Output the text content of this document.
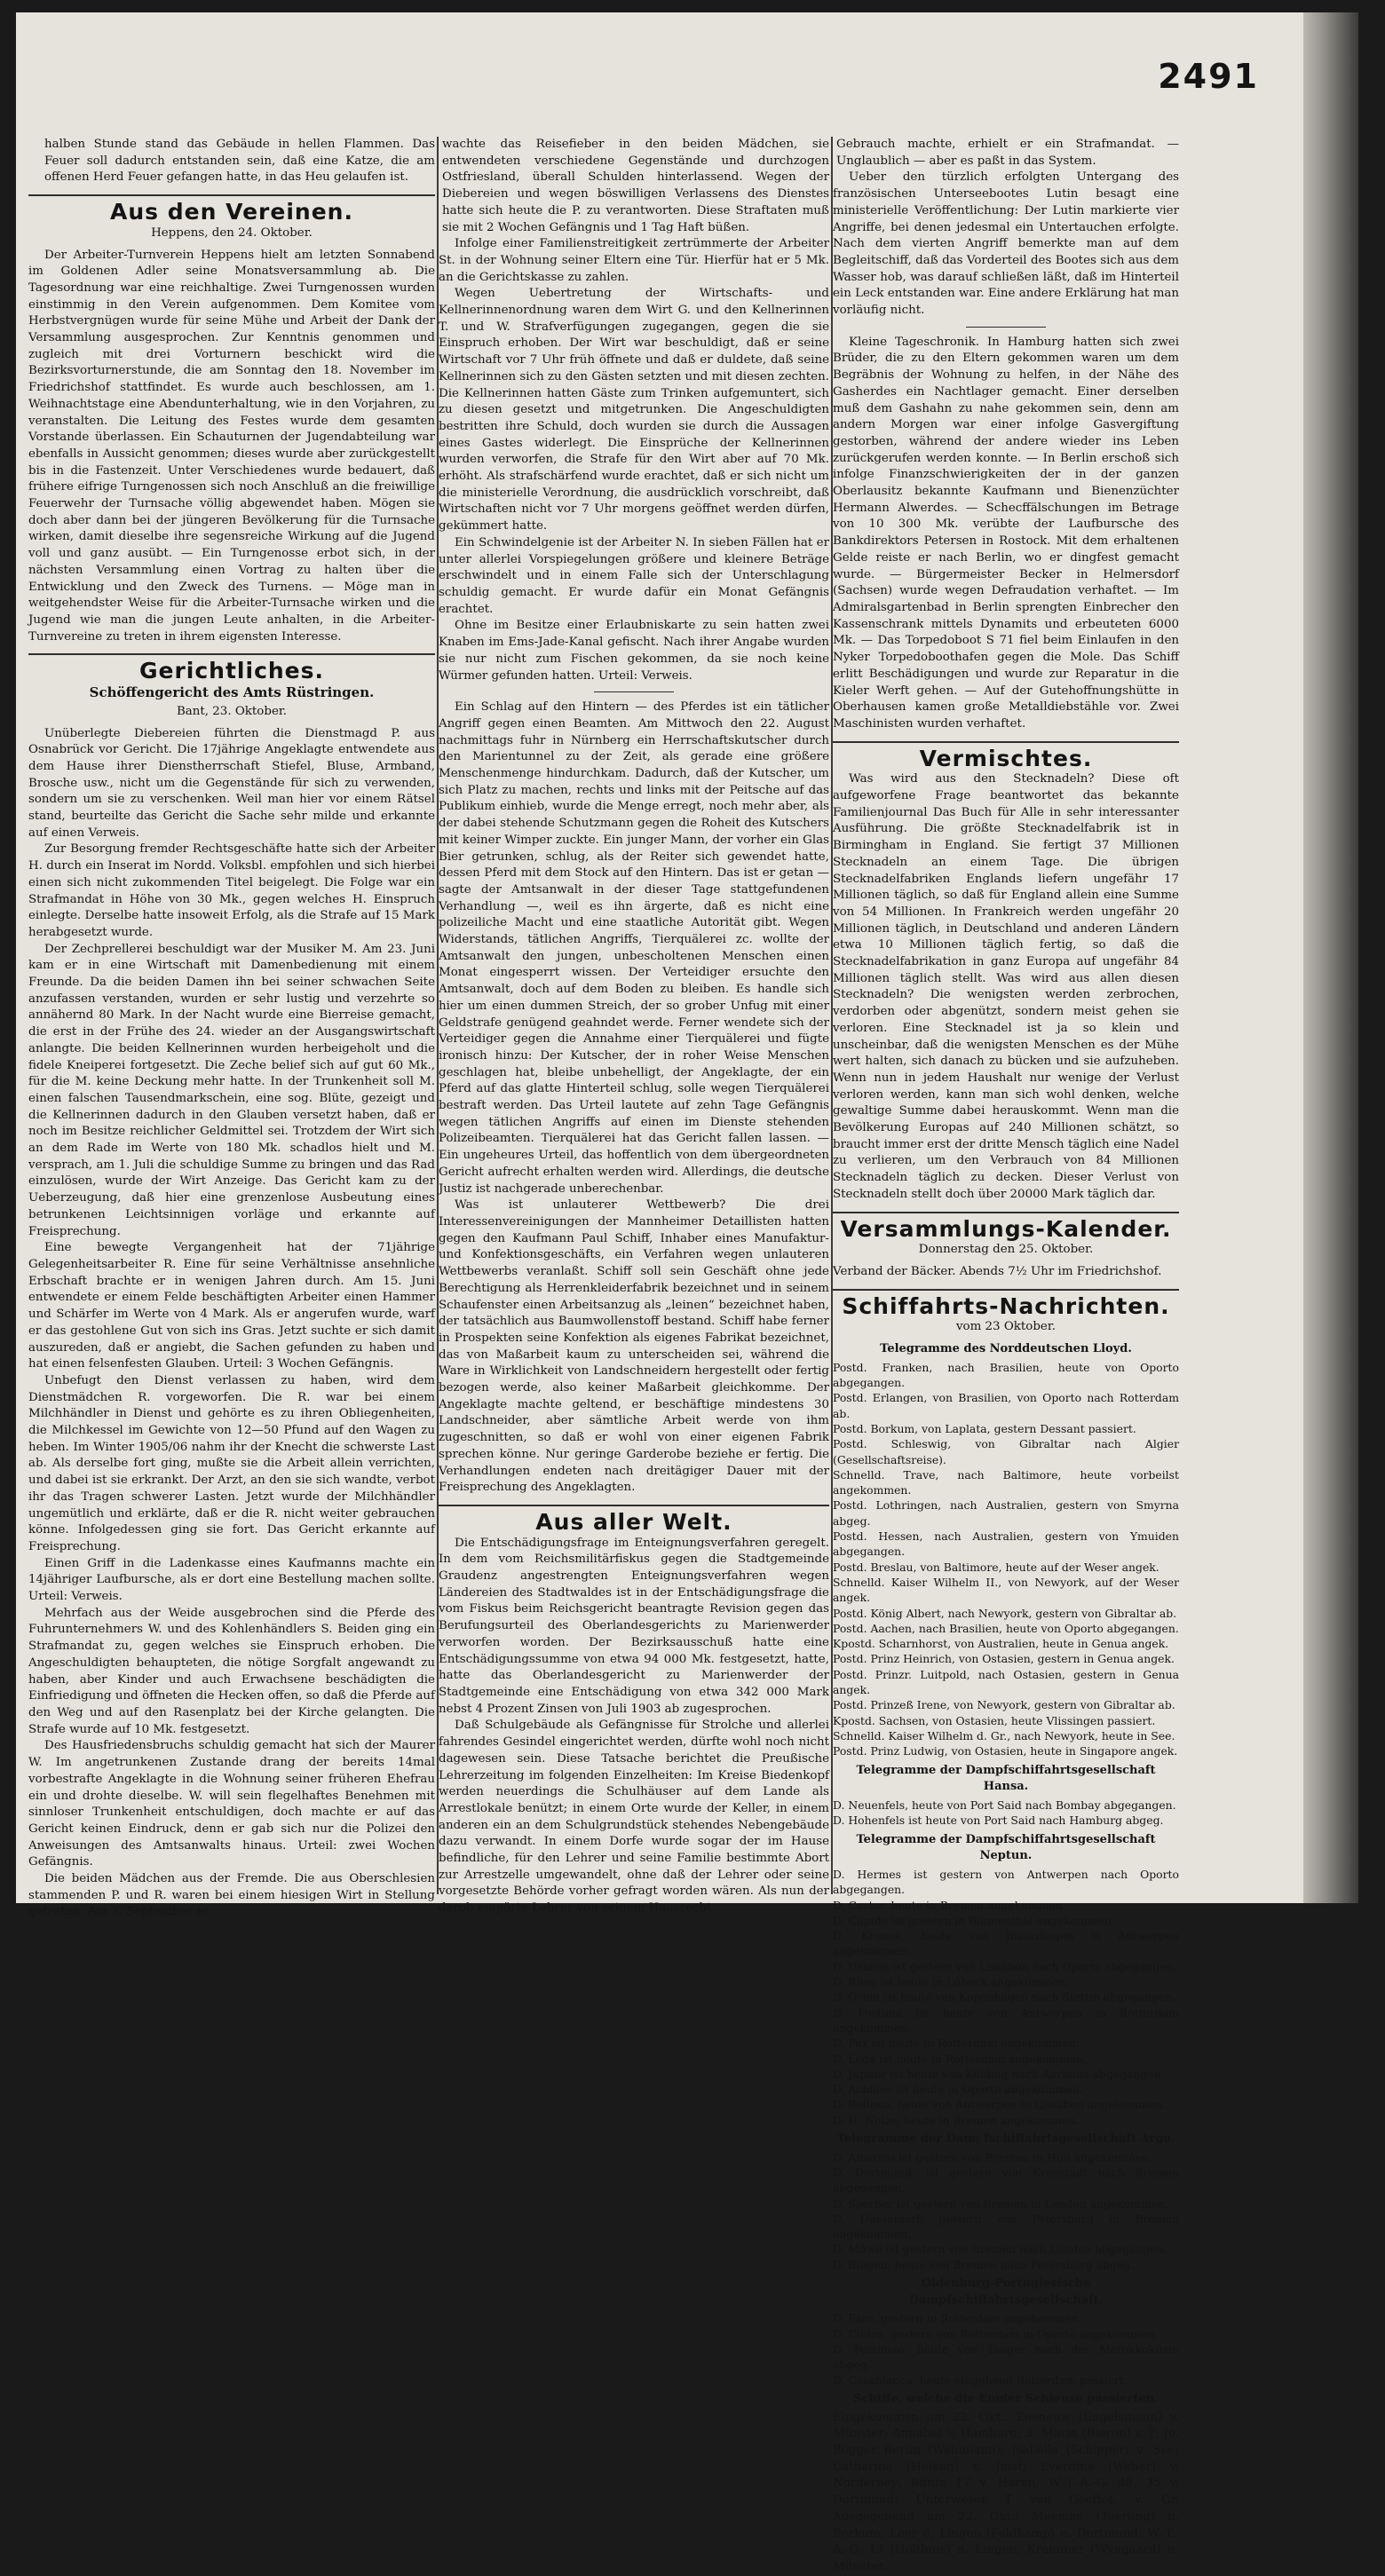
2491

halben Stunde stand das Gebäude in hellen Flammen. Das Feuer soll dadurch entstanden sein, daß eine Katze, die am offenen Herd Feuer gefangen hatte, in das Heu gelaufen ist.

Aus den Vereinen.
Heppens, den 24. Oktober.

Der Arbeiter-Turnverein Heppens hielt am letzten Sonnabend im Goldenen Adler seine Monatsversammlung ab. Die Tagesordnung war eine reichhaltige. Zwei Turngenossen wurden einstimmig in den Verein aufgenommen. Dem Komitee vom Herbstvergnügen wurde für seine Mühe und Arbeit der Dank der Versammlung ausgesprochen. Zur Kenntnis genommen und zugleich mit drei Vorturnern beschickt wird die Bezirksvorturnerstunde, die am Sonntag den 18. November im Friedrichshof stattfindet. Es wurde auch beschlossen, am 1. Weihnachtstage eine Abendunterhaltung, wie in den Vorjahren, zu veranstalten. Die Leitung des Festes wurde dem gesamten Vorstande überlassen. Ein Schauturnen der Jugendabteilung war ebenfalls in Aussicht genommen; dieses wurde aber zurückgestellt bis in die Fastenzeit. Unter Verschiedenes wurde bedauert, daß frühere eifrige Turngenossen sich noch Anschluß an die freiwillige Feuerwehr der Turnsache völlig abgewendet haben. Mögen sie doch aber dann bei der jüngeren Bevölkerung für die Turnsache wirken, damit dieselbe ihre segensreiche Wirkung auf die Jugend voll und ganz ausübt. — Ein Turngenosse erbot sich, in der nächsten Versammlung einen Vortrag zu halten über die Entwicklung und den Zweck des Turnens. — Möge man in weitgehendster Weise für die Arbeiter-Turnsache wirken und die Jugend wie man die jungen Leute anhalten, in die Arbeiter-Turnvereine zu treten in ihrem eigensten Interesse.

Gerichtliches.
Schöffengericht des Amts Rüstringen.
Bant, 23. Oktober.

Unüberlegte Diebereien führten die Dienstmagd P. aus Osnabrück vor Gericht. Die 17jährige Angeklagte entwendete aus dem Hause ihrer Dienstherrschaft Stiefel, Bluse, Armband, Brosche usw., nicht um die Gegenstände für sich zu verwenden, sondern um sie zu verschenken. Weil man hier vor einem Rätsel stand, beurteilte das Gericht die Sache sehr milde und erkannte auf einen Verweis.

Zur Besorgung fremder Rechtsgeschäfte hatte sich der Arbeiter H. durch ein Inserat im Nordd. Volksbl. empfohlen und sich hierbei einen sich nicht zukommenden Titel beigelegt. Die Folge war ein Strafmandat in Höhe von 30 Mk., gegen welches H. Einspruch einlegte. Derselbe hatte insoweit Erfolg, als die Strafe auf 15 Mark herabgesetzt wurde.

Der Zechprellerei beschuldigt war der Musiker M. Am 23. Juni kam er in eine Wirtschaft mit Damenbedienung mit einem Freunde. Da die beiden Damen ihn bei seiner schwachen Seite anzufassen verstanden, wurden er sehr lustig und verzehrte so annähernd 80 Mark. In der Nacht wurde eine Bierreise gemacht, die erst in der Frühe des 24. wieder an der Ausgangswirtschaft anlangte. Die beiden Kellnerinnen wurden herbeigeholt und die fidele Kneiperei fortgesetzt. Die Zeche belief sich auf gut 60 Mk., für die M. keine Deckung mehr hatte. In der Trunkenheit soll M. einen falschen Tausendmarkschein, eine sog. Blüte, gezeigt und die Kellnerinnen dadurch in den Glauben versetzt haben, daß er noch im Besitze reichlicher Geldmittel sei. Trotzdem der Wirt sich an dem Rade im Werte von 180 Mk. schadlos hielt und M. versprach, am 1. Juli die schuldige Summe zu bringen und das Rad einzulösen, wurde der Wirt Anzeige. Das Gericht kam zu der Ueberzeugung, daß hier eine grenzenlose Ausbeutung eines betrunkenen Leichtsinnigen vorläge und erkannte auf Freisprechung.

Eine bewegte Vergangenheit hat der 71jährige Gelegenheitsarbeiter R. Eine für seine Verhältnisse ansehnliche Erbschaft brachte er in wenigen Jahren durch. Am 15. Juni entwendete er einem Felde beschäftigten Arbeiter einen Hammer und Schärfer im Werte von 4 Mark. Als er angerufen wurde, warf er das gestohlene Gut von sich ins Gras. Jetzt suchte er sich damit auszureden, daß er angiebt, die Sachen gefunden zu haben und hat einen felsenfesten Glauben. Urteil: 3 Wochen Gefängnis.

Unbefugt den Dienst verlassen zu haben, wird dem Dienstmädchen R. vorgeworfen. Die R. war bei einem Milchhändler in Dienst und gehörte es zu ihren Obliegenheiten, die Milchkessel im Gewichte von 12—50 Pfund auf den Wagen zu heben. Im Winter 1905/06 nahm ihr der Knecht die schwerste Last ab. Als derselbe fort ging, mußte sie die Arbeit allein verrichten, und dabei ist sie erkrankt. Der Arzt, an den sie sich wandte, verbot ihr das Tragen schwerer Lasten. Jetzt wurde der Milchhändler ungemütlich und erklärte, daß er die R. nicht weiter gebrauchen könne. Infolgedessen ging sie fort. Das Gericht erkannte auf Freisprechung.

Einen Griff in die Ladenkasse eines Kaufmanns machte ein 14jähriger Laufbursche, als er dort eine Bestellung machen sollte. Urteil: Verweis.

Mehrfach aus der Weide ausgebrochen sind die Pferde des Fuhrunternehmers W. und des Kohlenhändlers S. Beiden ging ein Strafmandat zu, gegen welches sie Einspruch erhoben. Die Angeschuldigten behaupteten, die nötige Sorgfalt angewandt zu haben, aber Kinder und auch Erwachsene beschädigten die Einfriedigung und öffneten die Hecken offen, so daß die Pferde auf den Weg und auf den Rasenplatz bei der Kirche gelangten. Die Strafe wurde auf 10 Mk. festgesetzt.

Des Hausfriedensbruchs schuldig gemacht hat sich der Maurer W. Im angetrunkenen Zustande drang der bereits 14mal vorbestrafte Angeklagte in die Wohnung seiner früheren Ehefrau ein und drohte dieselbe. W. will sein flegelhaftes Benehmen mit sinnloser Trunkenheit entschuldigen, doch machte er auf das Gericht keinen Eindruck, denn er gab sich nur die Polizei den Anweisungen des Amtsanwalts hinaus. Urteil: zwei Wochen Gefängnis.

Die beiden Mädchen aus der Fremde. Die aus Oberschlesien stammenden P. und R. waren bei einem hiesigen Wirt in Stellung getreten. Am 3. September er

wachte das Reisefieber in den beiden Mädchen, sie entwendeten verschiedene Gegenstände und durchzogen Ostfriesland, überall Schulden hinterlassend. Wegen der Diebereien und wegen böswilligen Verlassens des Dienstes hatte sich heute die P. zu verantworten. Diese Straftaten muß sie mit 2 Wochen Gefängnis und 1 Tag Haft büßen.

Infolge einer Familienstreitigkeit zertrümmerte der Arbeiter St. in der Wohnung seiner Eltern eine Tür. Hierfür hat er 5 Mk. an die Gerichtskasse zu zahlen.

Wegen Uebertretung der Wirtschafts- und Kellnerinnenordnung waren dem Wirt G. und den Kellnerinnen T. und W. Strafverfügungen zugegangen, gegen die sie Einspruch erhoben. Der Wirt war beschuldigt, daß er seine Wirtschaft vor 7 Uhr früh öffnete und daß er duldete, daß seine Kellnerinnen sich zu den Gästen setzten und mit diesen zechten. Die Kellnerinnen hatten Gäste zum Trinken aufgemuntert, sich zu diesen gesetzt und mitgetrunken. Die Angeschuldigten bestritten ihre Schuld, doch wurden sie durch die Aussagen eines Gastes widerlegt. Die Einsprüche der Kellnerinnen wurden verworfen, die Strafe für den Wirt aber auf 70 Mk. erhöht. Als strafschärfend wurde erachtet, daß er sich nicht um die ministerielle Verordnung, die ausdrücklich vorschreibt, daß Wirtschaften nicht vor 7 Uhr morgens geöffnet werden dürfen, gekümmert hatte.

Ein Schwindelgenie ist der Arbeiter N. In sieben Fällen hat er unter allerlei Vorspiegelungen größere und kleinere Beträge erschwindelt und in einem Falle sich der Unterschlagung schuldig gemacht. Er wurde dafür ein Monat Gefängnis erachtet.

Ohne im Besitze einer Erlaubniskarte zu sein hatten zwei Knaben im Ems-Jade-Kanal gefischt. Nach ihrer Angabe wurden sie nur nicht zum Fischen gekommen, da sie noch keine Würmer gefunden hatten. Urteil: Verweis.

Ein Schlag auf den Hintern — des Pferdes ist ein tätlicher Angriff gegen einen Beamten. Am Mittwoch den 22. August nachmittags fuhr in Nürnberg ein Herrschaftskutscher durch den Marientunnel zu der Zeit, als gerade eine größere Menschenmenge hindurchkam. Dadurch, daß der Kutscher, um sich Platz zu machen, rechts und links mit der Peitsche auf das Publikum einhieb, wurde die Menge erregt, noch mehr aber, als der dabei stehende Schutzmann gegen die Roheit des Kutschers mit keiner Wimper zuckte. Ein junger Mann, der vorher ein Glas Bier getrunken, schlug, als der Reiter sich gewendet hatte, dessen Pferd mit dem Stock auf den Hintern. Das ist er getan — sagte der Amtsanwalt in der dieser Tage stattgefundenen Verhandlung —, weil es ihn ärgerte, daß es nicht eine polizeiliche Macht und eine staatliche Autorität gibt. Wegen Widerstands, tätlichen Angriffs, Tierquälerei zc. wollte der Amtsanwalt den jungen, unbescholtenen Menschen einen Monat eingesperrt wissen. Der Verteidiger ersuchte den Amtsanwalt, doch auf dem Boden zu bleiben. Es handle sich hier um einen dummen Streich, der so grober Unfug mit einer Geldstrafe genügend geahndet werde. Ferner wendete sich der Verteidiger gegen die Annahme einer Tierquälerei und fügte ironisch hinzu: Der Kutscher, der in roher Weise Menschen geschlagen hat, bleibe unbehelligt, der Angeklagte, der ein Pferd auf das glatte Hinterteil schlug, solle wegen Tierquälerei bestraft werden. Das Urteil lautete auf zehn Tage Gefängnis wegen tätlichen Angriffs auf einen im Dienste stehenden Polizeibeamten. Tierquälerei hat das Gericht fallen lassen. — Ein ungeheures Urteil, das hoffentlich von dem übergeordneten Gericht aufrecht erhalten werden wird. Allerdings, die deutsche Justiz ist nachgerade unberechenbar.

Was ist unlauterer Wettbewerb? Die drei Interessenvereinigungen der Mannheimer Detaillisten hatten gegen den Kaufmann Paul Schiff, Inhaber eines Manufaktur- und Konfektionsgeschäfts, ein Verfahren wegen unlauteren Wettbewerbs veranlaßt. Schiff soll sein Geschäft ohne jede Berechtigung als Herrenkleiderfabrik bezeichnet und in seinem Schaufenster einen Arbeitsanzug als „leinen“ bezeichnet haben, der tatsächlich aus Baumwollenstoff bestand. Schiff habe ferner in Prospekten seine Konfektion als eigenes Fabrikat bezeichnet, das von Maßarbeit kaum zu unterscheiden sei, während die Ware in Wirklichkeit von Landschneidern hergestellt oder fertig bezogen werde, also keiner Maßarbeit gleichkomme. Der Angeklagte machte geltend, er beschäftige mindestens 30 Landschneider, aber sämtliche Arbeit werde von ihm zugeschnitten, so daß er wohl von einer eigenen Fabrik sprechen könne. Nur geringe Garderobe beziehe er fertig. Die Verhandlungen endeten nach dreitägiger Dauer mit der Freisprechung des Angeklagten.

Aus aller Welt.

Die Entschädigungsfrage im Enteignungsverfahren geregelt. In dem vom Reichsmilitärfiskus gegen die Stadtgemeinde Graudenz angestrengten Enteignungsverfahren wegen Ländereien des Stadtwaldes ist in der Entschädigungsfrage die vom Fiskus beim Reichsgericht beantragte Revision gegen das Berufungsurteil des Oberlandesgerichts zu Marienwerder verworfen worden. Der Bezirksausschuß hatte eine Entschädigungssumme von etwa 94 000 Mk. festgesetzt, hatte, hatte das Oberlandesgericht zu Marienwerder der Stadtgemeinde eine Entschädigung von etwa 342 000 Mark nebst 4 Prozent Zinsen von Juli 1903 ab zugesprochen.

Daß Schulgebäude als Gefängnisse für Strolche und allerlei fahrendes Gesindel eingerichtet werden, dürfte wohl noch nicht dagewesen sein. Diese Tatsache berichtet die Preußische Lehrerzeitung im folgenden Einzelheiten: Im Kreise Biedenkopf werden neuerdings die Schulhäuser auf dem Lande als Arrestlokale benützt; in einem Orte wurde der Keller, in einem anderen ein an dem Schulgrundstück stehendes Nebengebäude dazu verwandt. In einem Dorfe wurde sogar der im Hause befindliche, für den Lehrer und seine Familie bestimmte Abort zur Arrestzelle umgewandelt, ohne daß der Lehrer oder seine vorgesetzte Behörde vorher gefragt worden wären. Als nun der darob empörte Lehrer von seinem Hausrecht

Gebrauch machte, erhielt er ein Strafmandat. — Unglaublich — aber es paßt in das System.

Ueber den türzlich erfolgten Untergang des französischen Unterseebootes Lutin besagt eine ministerielle Veröffentlichung: Der Lutin markierte vier Angriffe, bei denen jedesmal ein Untertauchen erfolgte. Nach dem vierten Angriff bemerkte man auf dem Begleitschiff, daß das Vorderteil des Bootes sich aus dem Wasser hob, was darauf schließen läßt, daß im Hinterteil ein Leck entstanden war. Eine andere Erklärung hat man vorläufig nicht.

Kleine Tageschronik. In Hamburg hatten sich zwei Brüder, die zu den Eltern gekommen waren um dem Begräbnis der Wohnung zu helfen, in der Nähe des Gasherdes ein Nachtlager gemacht. Einer derselben muß dem Gashahn zu nahe gekommen sein, denn am andern Morgen war einer infolge Gasvergiftung gestorben, während der andere wieder ins Leben zurückgerufen werden konnte. — In Berlin erschoß sich infolge Finanzschwierigkeiten der in der ganzen Oberlausitz bekannte Kaufmann und Bienenzüchter Hermann Alwerdes. — Schecffälschungen im Betrage von 10 300 Mk. verübte der Laufbursche des Bankdirektors Petersen in Rostock. Mit dem erhaltenen Gelde reiste er nach Berlin, wo er dingfest gemacht wurde. — Bürgermeister Becker in Helmersdorf (Sachsen) wurde wegen Defraudation verhaftet. — Im Admiralsgartenbad in Berlin sprengten Einbrecher den Kassenschrank mittels Dynamits und erbeuteten 6000 Mk. — Das Torpedoboot S 71 fiel beim Einlaufen in den Nyker Torpedoboothafen gegen die Mole. Das Schiff erlitt Beschädigungen und wurde zur Reparatur in die Kieler Werft gehen. — Auf der Gutehoffnungshütte in Oberhausen kamen große Metalldiebstähle vor. Zwei Maschinisten wurden verhaftet.

Vermischtes.

Was wird aus den Stecknadeln? Diese oft aufgeworfene Frage beantwortet das bekannte Familienjournal Das Buch für Alle in sehr interessanter Ausführung. Die größte Stecknadelfabrik ist in Birmingham in England. Sie fertigt 37 Millionen Stecknadeln an einem Tage. Die übrigen Stecknadelfabriken Englands liefern ungefähr 17 Millionen täglich, so daß für England allein eine Summe von 54 Millionen. In Frankreich werden ungefähr 20 Millionen täglich, in Deutschland und anderen Ländern etwa 10 Millionen täglich fertig, so daß die Stecknadelfabrikation in ganz Europa auf ungefähr 84 Millionen täglich stellt. Was wird aus allen diesen Stecknadeln? Die wenigsten werden zerbrochen, verdorben oder abgenützt, sondern meist gehen sie verloren. Eine Stecknadel ist ja so klein und unscheinbar, daß die wenigsten Menschen es der Mühe wert halten, sich danach zu bücken und sie aufzuheben. Wenn nun in jedem Haushalt nur wenige der Verlust verloren werden, kann man sich wohl denken, welche gewaltige Summe dabei herauskommt. Wenn man die Bevölkerung Europas auf 240 Millionen schätzt, so braucht immer erst der dritte Mensch täglich eine Nadel zu verlieren, um den Verbrauch von 84 Millionen Stecknadeln täglich zu decken. Dieser Verlust von Stecknadeln stellt doch über 20000 Mark täglich dar.

Versammlungs-Kalender.
Donnerstag den 25. Oktober.

Verband der Bäcker. Abends 7½ Uhr im Friedrichshof.

Schiffahrts-Nachrichten.
vom 23 Oktober.
Telegramme des Norddeutschen Lloyd.
Postd. Franken, nach Brasilien, heute von Oporto abgegangen.
Postd. Erlangen, von Brasilien, von Oporto nach Rotterdam ab.
Postd. Borkum, von Laplata, gestern Dessant passiert.
Postd. Schleswig, von Gibraltar nach Algier (Gesellschaftsreise).
Schnelld. Trave, nach Baltimore, heute vorbeilst angekommen.
Postd. Lothringen, nach Australien, gestern von Smyrna abgeg.
Postd. Hessen, nach Australien, gestern von Ymuiden abgegangen.
Postd. Breslau, von Baltimore, heute auf der Weser angek.
Schnelld. Kaiser Wilhelm II., von Newyork, auf der Weser angek.
Postd. König Albert, nach Newyork, gestern von Gibraltar ab.
Postd. Aachen, nach Brasilien, heute von Oporto abgegangen.
Kpostd. Scharnhorst, von Australien, heute in Genua angek.
Postd. Prinz Heinrich, von Ostasien, gestern in Genua angek.
Postd. Prinzr. Luitpold, nach Ostasien, gestern in Genua angek.
Postd. Prinzeß Irene, von Newyork, gestern von Gibraltar ab.
Kpostd. Sachsen, von Ostasien, heute Vlissingen passiert.
Schnelld. Kaiser Wilhelm d. Gr., nach Newyork, heute in See.
Postd. Prinz Ludwig, von Ostasien, heute in Singapore angek.
Telegramme der Dampfschiffahrtsgesellschaft Hansa.
D. Neuenfels, heute von Port Said nach Bombay abgegangen.
D. Hohenfels ist heute von Port Said nach Hamburg abgeg.
Telegramme der Dampfschiffahrtsgesellschaft Neptun.
D. Hermes ist gestern von Antwerpen nach Oporto abgegangen.
D. Castor, heute in Bremen angekommen.
D. Cupido ist gestern in Blumenthal angekommen.
D. Kronos, heute von Blaardingen in Antwerpen angekommen.
D. Uranus ist gestern von Lissabon nach Oporto abgegangen.
D. Rhea ist heute in Lübeck angekommen.
D. Orion ist heute von Kopenhagen nach Stettin abgegangen.
D. Fortuna ist heute von Antwerpen in Rotterdam angekommen.
D. Pax ist heute in Rotterdam angekommen.
D. Leda ist heute in Rotterdam angekommen.
D. Jupiter ist heute von Kolding nach Aarhuus abgegangen.
D. Achilles ist heute in Oporto angekommen.
D. Bellona, heute von Antwerpen in Lissabon angekommen.
D. H. Nolze, heute in Bremen angekommen.
Telegramme der Dam; fschiffahrtsgesellschaft Argo.
D. Albatros ist gestern von Bremen in Hull angekommen.
D. Dortmund, ist gestern von Kronstadt nach Bremen abgegangen.
D. Sperber ist gestern von Bremen in London angekommen.
D. Düsseldorf, gestern von Petersburg in Bremen angekommen.
D. Möwe ist gestern von Bremen nach London abgegangen.
D. Bingen, heute von Bremen nach Petersburg abgeg.
Oldenburg-Portugiesische Dampfschiffahrtsgesellschaft.
D. Faro, gestern in Rotterdam angekommen.
D. Cintra, gestern von Rotterdam in Oporto angekommen.
D. Portimao, heute von Tanger nach der Marokkoküste abgeg.
D. Casablanca, heute eingehend Rotterdam passiert.
Schiffe, welche die Emder Schleuse passierten.

Eingekommen am 22. Okt.: Zeeneuw (Engelsmann) v. Münster; Annabat v. Hamburg; 3. Maria (Bieron) v. ?; Jo. Bogger Berlin (Wahlmann), Isabella (Schipper) v. See; Catharina (Heiken) v. Juist; Everdina (Weber) v. Norderney; Bünte 17 v. Haren; W.-T.-A.-G. 48, 35 v. Dortmund; Unterweser T von Geeftet. v. Gr. Ausgegehend am 22. Okt.: Meemke (Teerling) n. Borkum; Leer 8, Lingen (Feldkamp) n. Dortmund; W.-T.-A.-G. 13 (Holthuis) n. Lingen; Krammer (Wyngaard) n. Münster.
